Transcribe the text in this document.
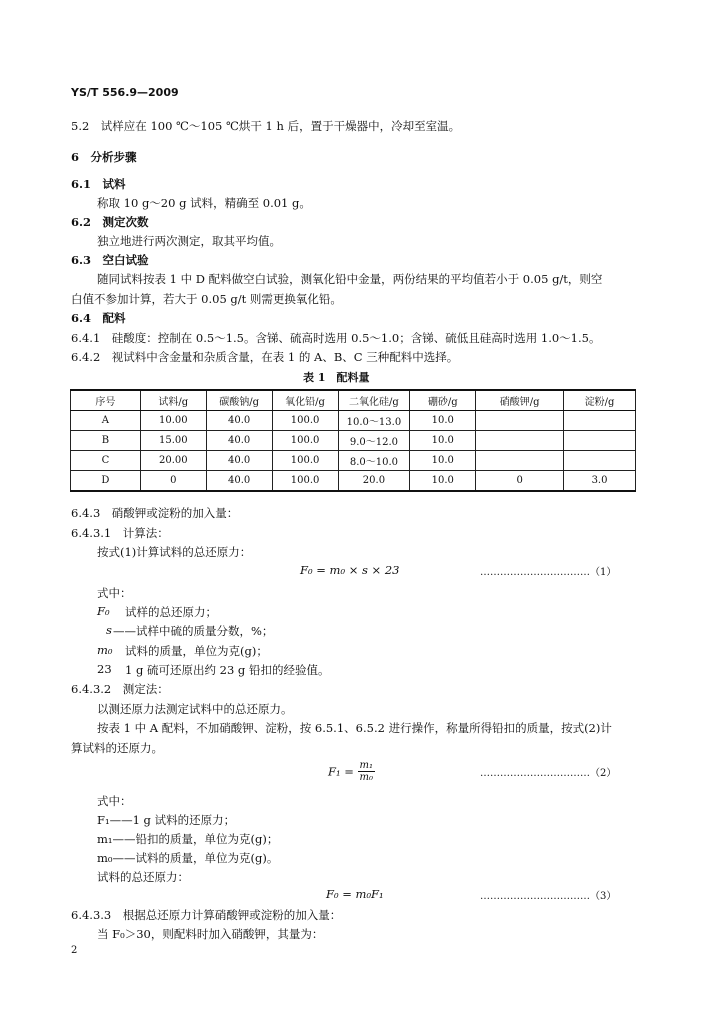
YS/T 556.9—2009
5.2　试样应在 100 ℃～105 ℃烘干 1 h 后，置于干燥器中，冷却至室温。
6　分析步骤
6.1　试料
称取 10 g～20 g 试料，精确至 0.01 g。
6.2　测定次数
独立地进行两次测定，取其平均值。
6.3　空白试验
随同试料按表 1 中 D 配料做空白试验，测氧化铅中金量，两份结果的平均值若小于 0.05 g/t，则空
白值不参加计算，若大于 0.05 g/t 则需更换氧化铅。
6.4　配料
6.4.1　硅酸度：控制在 0.5～1.5。含锑、硫高时选用 0.5～1.0；含锑、硫低且硅高时选用 1.0～1.5。
6.4.2　视试料中含金量和杂质含量，在表 1 的 A、B、C 三种配料中选择。
表 1　配料量
序号	试料/g	碳酸钠/g	氧化铅/g	二氧化硅/g	硼砂/g	硝酸钾/g	淀粉/g
A	10.00	40.0	100.0	10.0～13.0	10.0		
B	15.00	40.0	100.0	9.0～12.0	10.0		
C	20.00	40.0	100.0	8.0～10.0	10.0		
D	0	40.0	100.0	20.0	10.0	0	3.0
6.4.3　硝酸钾或淀粉的加入量：
6.4.3.1　计算法：
按式(1)计算试料的总还原力：
F₀ = m₀ × s × 23	……………………………（1）
式中：
F₀ 试样的总还原力；
s ——试样中硫的质量分数，%；
m₀ 试料的质量，单位为克(g)；
23 1 g 硫可还原出约 23 g 铅扣的经验值。
6.4.3.2　测定法：
以测还原力法测定试料中的总还原力。
按表 1 中 A 配料，不加硝酸钾、淀粉，按 6.5.1、6.5.2 进行操作，称量所得铅扣的质量，按式(2)计
算试料的还原力。
$F_1 = \frac{\text{m₁}}{\text{m₀}}$	……………………………（2）
式中：
F₁——1 g 试料的还原力；
m₁——铅扣的质量，单位为克(g)；
m₀——试料的质量，单位为克(g)。
试料的总还原力：
F₀ = m₀F₁	……………………………（3）
6.4.3.3　根据总还原力计算硝酸钾或淀粉的加入量：
当 F₀＞30，则配料时加入硝酸钾，其量为：
2
